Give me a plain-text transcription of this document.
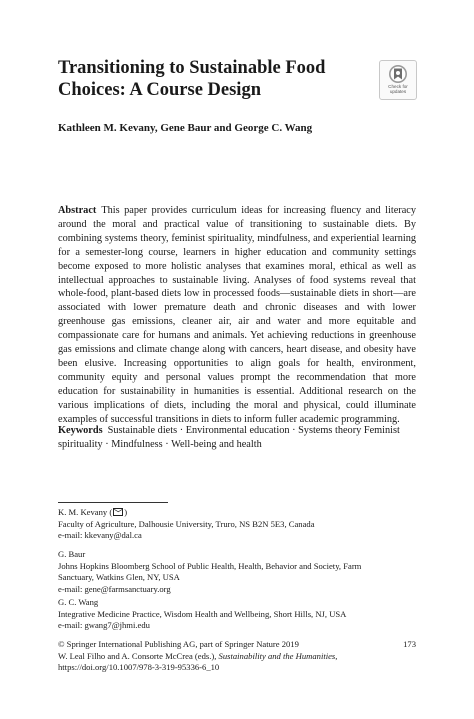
Transitioning to Sustainable Food
Choices: A Course Design	Check for
updates

Kathleen M. Kevany, Gene Baur and George C. Wang

Abstract This paper provides curriculum ideas for increasing fluency and literacy around the moral and practical value of transitioning to sustainable diets. By combining systems theory, feminist spirituality, mindfulness, and experiential learning for a semester-long course, learners in higher education and community settings become exposed to more holistic analyses that examines moral, ethical as well as intellectual approaches to sustainable living. Analyses of food systems reveal that whole-food, plant-based diets low in processed foods—sustainable diets in short—are associated with lower premature death and chronic diseases and with lower greenhouse gas emissions, cleaner air, air and water and more equitable and compassionate care for humans and animals. Yet achieving reductions in greenhouse gas emissions and climate change along with cancers, heart disease, and obesity have been elusive. Increasing opportunities to align goals for health, environment, community equity and personal values prompt the recommendation that more education for sustainability in humanities is essential. Additional research on the various implications of diets, including the moral and physical, could illuminate examples of successful transitions in diets to inform fuller academic programming.

Keywords Sustainable diets · Environmental education · Systems theory Feminist spirituality · Mindfulness · Well-being and health

K. M. Kevany ( )
Faculty of Agriculture, Dalhousie University, Truro, NS B2N 5E3, Canada
e-mail: kkevany@dal.ca
G. Baur
Johns Hopkins Bloomberg School of Public Health, Health, Behavior and Society, Farm
Sanctuary, Watkins Glen, NY, USA
e-mail: gene@farmsanctuary.org
G. C. Wang
Integrative Medicine Practice, Wisdom Health and Wellbeing, Short Hills, NJ, USA
e-mail: gwang7@jhmi.edu
© Springer International Publishing AG, part of Springer Nature 2019
W. Leal Filho and A. Consorte McCrea (eds.), Sustainability and the Humanities,
https://doi.org/10.1007/978-3-319-95336-6_10
173
